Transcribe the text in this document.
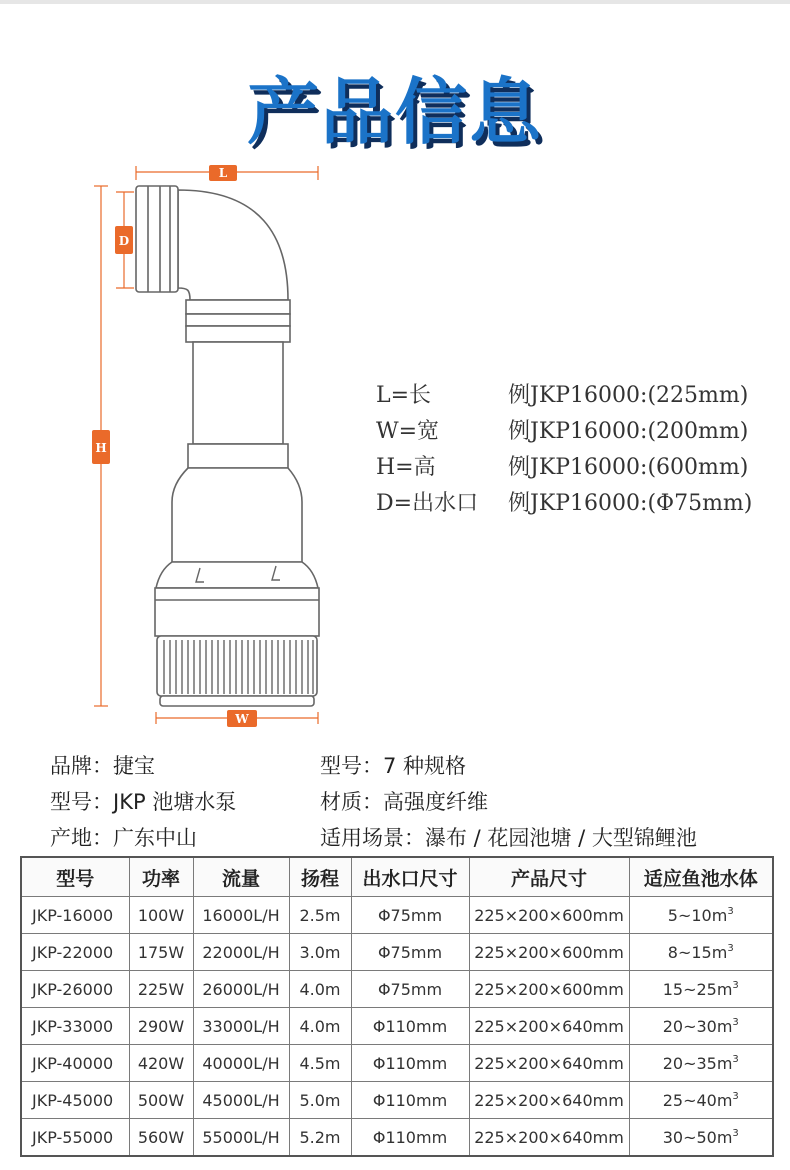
产品信息
L
D
H
W
L=长	例JKP16000:(225mm)
W=宽	例JKP16000:(200mm)
H=高	例JKP16000:(600mm)
D=出水口	例JKP16000:(Φ75mm)
品牌：捷宝	型号：7 种规格
型号：JKP 池塘水泵	材质：高强度纤维
产地：广东中山	适用场景：瀑布 / 花园池塘 / 大型锦鲤池
型号	功率	流量	扬程	出水口尺寸	产品尺寸	适应鱼池水体
JKP-16000	100W	16000L/H	2.5m	Φ75mm	225×200×600mm	$5\sim 10m^3$
JKP-22000	175W	22000L/H	3.0m	Φ75mm	225×200×600mm	$8\sim 15m^3$
JKP-26000	225W	26000L/H	4.0m	Φ75mm	225×200×600mm	$15\sim 25m^3$
JKP-33000	290W	33000L/H	4.0m	Φ110mm	225×200×640mm	$20\sim 30m^3$
JKP-40000	420W	40000L/H	4.5m	Φ110mm	225×200×640mm	$20\sim 35m^3$
JKP-45000	500W	45000L/H	5.0m	Φ110mm	225×200×640mm	$25\sim 40m^3$
JKP-55000	560W	55000L/H	5.2m	Φ110mm	225×200×640mm	$30\sim 50m^3$
